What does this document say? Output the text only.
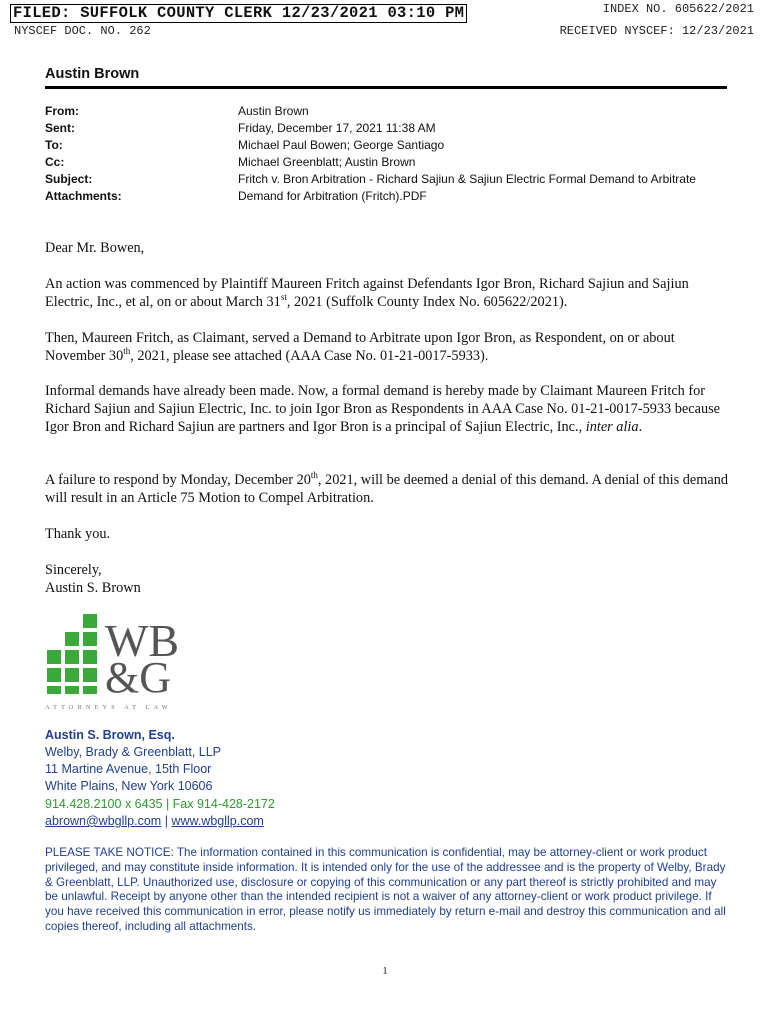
FILED: SUFFOLK COUNTY CLERK 12/23/2021 03:10 PM
NYSCEF DOC. NO. 262
INDEX NO. 605622/2021
RECEIVED NYSCEF: 12/23/2021
Austin Brown
From:	Austin Brown
Sent:	Friday, December 17, 2021 11:38 AM
To:	Michael Paul Bowen; George Santiago
Cc:	Michael Greenblatt; Austin Brown
Subject:	Fritch v. Bron Arbitration - Richard Sajiun & Sajiun Electric Formal Demand to Arbitrate
Attachments:	Demand for Arbitration (Fritch).PDF
Dear Mr. Bowen,
An action was commenced by Plaintiff Maureen Fritch against Defendants Igor Bron, Richard Sajiun and Sajiun Electric, Inc., et al, on or about March 31st, 2021 (Suffolk County Index No. 605622/2021).
Then, Maureen Fritch, as Claimant, served a Demand to Arbitrate upon Igor Bron, as Respondent, on or about November 30th, 2021, please see attached (AAA Case No. 01-21-0017-5933).
Informal demands have already been made. Now, a formal demand is hereby made by Claimant Maureen Fritch for Richard Sajiun and Sajiun Electric, Inc. to join Igor Bron as Respondents in AAA Case No. 01-21-0017-5933 because Igor Bron and Richard Sajiun are partners and Igor Bron is a principal of Sajiun Electric, Inc., inter alia.
A failure to respond by Monday, December 20th, 2021, will be deemed a denial of this demand. A denial of this demand will result in an Article 75 Motion to Compel Arbitration.
Thank you.
Sincerely,
Austin S. Brown
WB
&G
ATTORNEYS AT LAW
Austin S. Brown, Esq.
Welby, Brady & Greenblatt, LLP
11 Martine Avenue, 15th Floor
White Plains, New York 10606
914.428.2100 x 6435 | Fax 914-428-2172
abrown@wbgllp.com | www.wbgllp.com
PLEASE TAKE NOTICE: The information contained in this communication is confidential, may be attorney-client or work product privileged, and may constitute inside information. It is intended only for the use of the addressee and is the property of Welby, Brady & Greenblatt, LLP. Unauthorized use, disclosure or copying of this communication or any part thereof is strictly prohibited and may be unlawful. Receipt by anyone other than the intended recipient is not a waiver of any attorney-client or work product privilege. If you have received this communication in error, please notify us immediately by return e-mail and destroy this communication and all copies thereof, including all attachments.
1
